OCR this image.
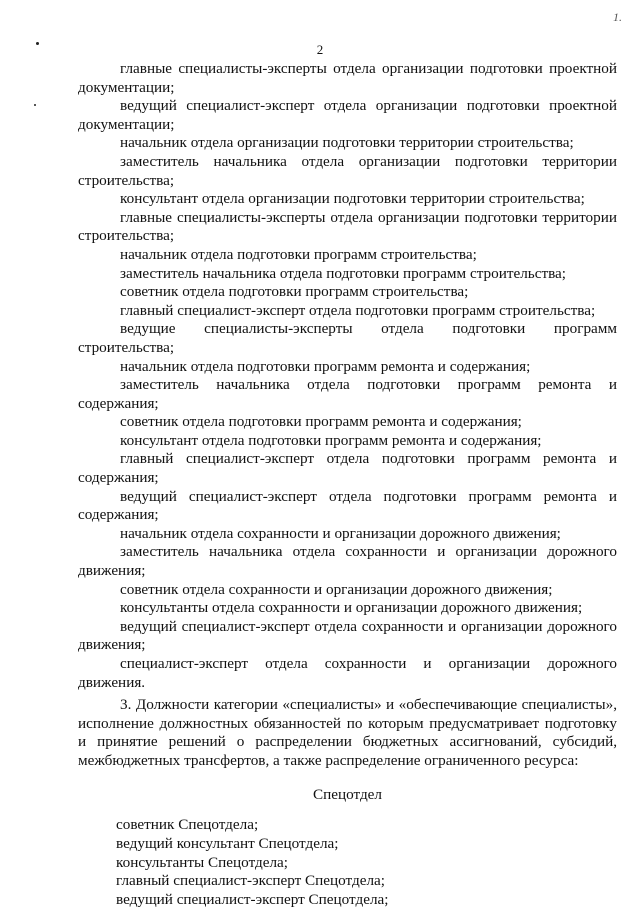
1.
2

главные специалисты-эксперты отдела организации подготовки проектной документации;

ведущий специалист-эксперт отдела организации подготовки проектной документации;

начальник отдела организации подготовки территории строительства;

заместитель начальника отдела организации подготовки территории строительства;

консультант отдела организации подготовки территории строительства;

главные специалисты-эксперты отдела организации подготовки территории строительства;

начальник отдела подготовки программ строительства;

заместитель начальника отдела подготовки программ строительства;

советник отдела подготовки программ строительства;

главный специалист-эксперт отдела подготовки программ строительства;

ведущие специалисты-эксперты отдела подготовки программ строительства;

начальник отдела подготовки программ ремонта и содержания;

заместитель начальника отдела подготовки программ ремонта и содержания;

советник отдела подготовки программ ремонта и содержания;

консультант отдела подготовки программ ремонта и содержания;

главный специалист-эксперт отдела подготовки программ ремонта и содержания;

ведущий специалист-эксперт отдела подготовки программ ремонта и содержания;

начальник отдела сохранности и организации дорожного движения;

заместитель начальника отдела сохранности и организации дорожного движения;

советник отдела сохранности и организации дорожного движения;

консультанты отдела сохранности и организации дорожного движения;

ведущий специалист-эксперт отдела сохранности и организации дорожного движения;

специалист-эксперт отдела сохранности и организации дорожного движения.

3. Должности категории «специалисты» и «обеспечивающие специалисты», исполнение должностных обязанностей по которым предусматривает подготовку и принятие решений о распределении бюджетных ассигнований, субсидий, межбюджетных трансфертов, а также распределение ограниченного ресурса:

Спецотдел

советник Спецотдела;

ведущий консультант Спецотдела;

консультанты Спецотдела;

главный специалист-эксперт Спецотдела;

ведущий специалист-эксперт Спецотдела;
